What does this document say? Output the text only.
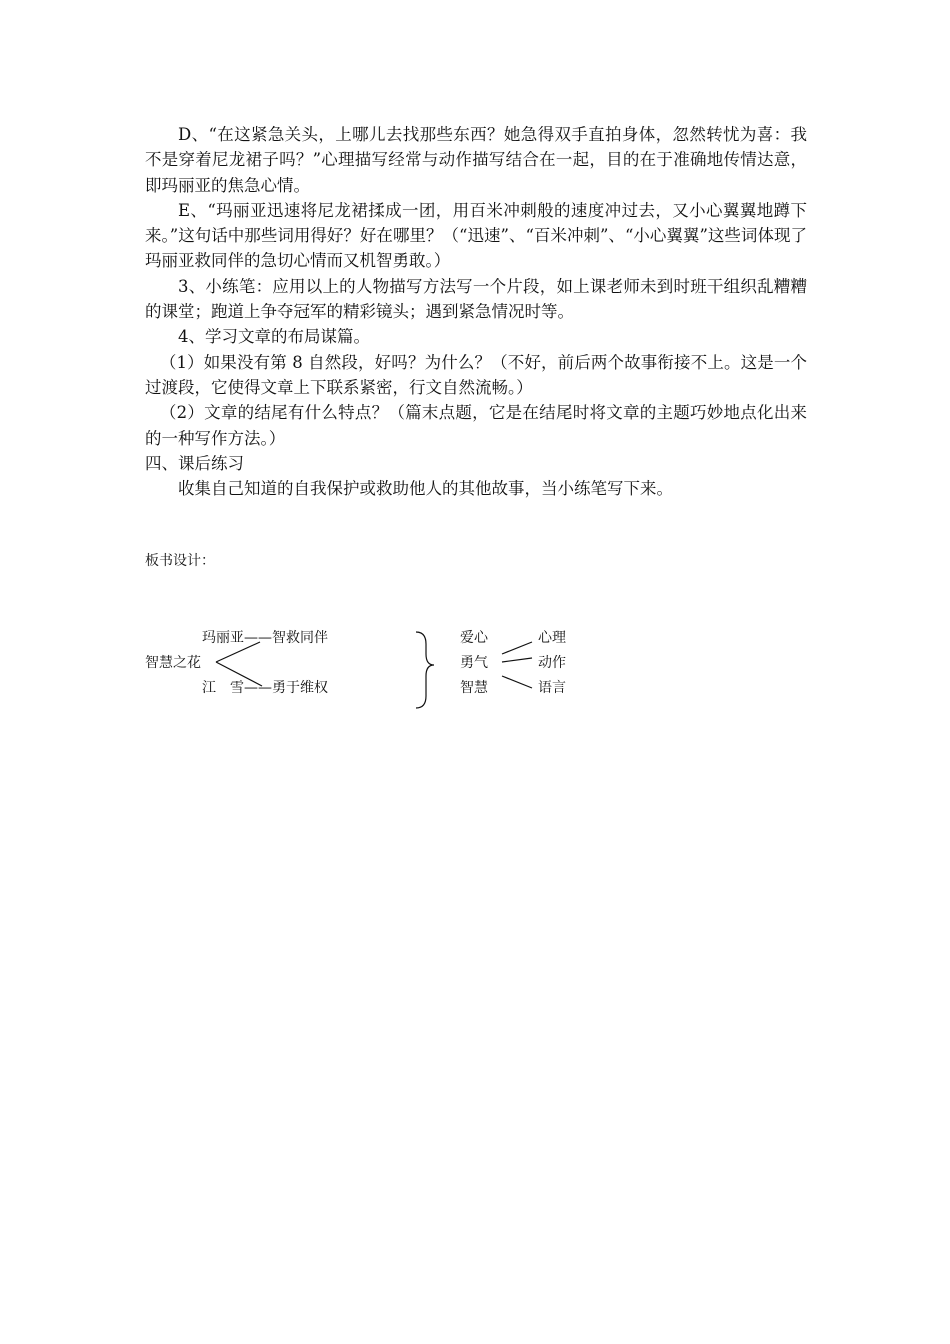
D、“在这紧急关头，上哪儿去找那些东西？她急得双手直拍身体，忽然转忧为喜：我不是穿着尼龙裙子吗？”心理描写经常与动作描写结合在一起，目的在于准确地传情达意，即玛丽亚的焦急心情。

E、“玛丽亚迅速将尼龙裙揉成一团，用百米冲刺般的速度冲过去，又小心翼翼地蹲下来。”这句话中那些词用得好？好在哪里？（“迅速”、“百米冲刺”、“小心翼翼”这些词体现了玛丽亚救同伴的急切心情而又机智勇敢。）

3、小练笔：应用以上的人物描写方法写一个片段，如上课老师未到时班干组织乱糟糟的课堂；跑道上争夺冠军的精彩镜头；遇到紧急情况时等。

4、学习文章的布局谋篇。

（1）如果没有第 8 自然段，好吗？为什么？（不好，前后两个故事衔接不上。这是一个过渡段，它使得文章上下联系紧密，行文自然流畅。）

（2）文章的结尾有什么特点？（篇末点题，它是在结尾时将文章的主题巧妙地点化出来的一种写作方法。）

四、课后练习

收集自己知道的自我保护或救助他人的其他故事，当小练笔写下来。

板书设计：
智慧之花
玛丽亚——智救同伴
江　雪——勇于维权
爱心
勇气
智慧
心理
动作
语言
